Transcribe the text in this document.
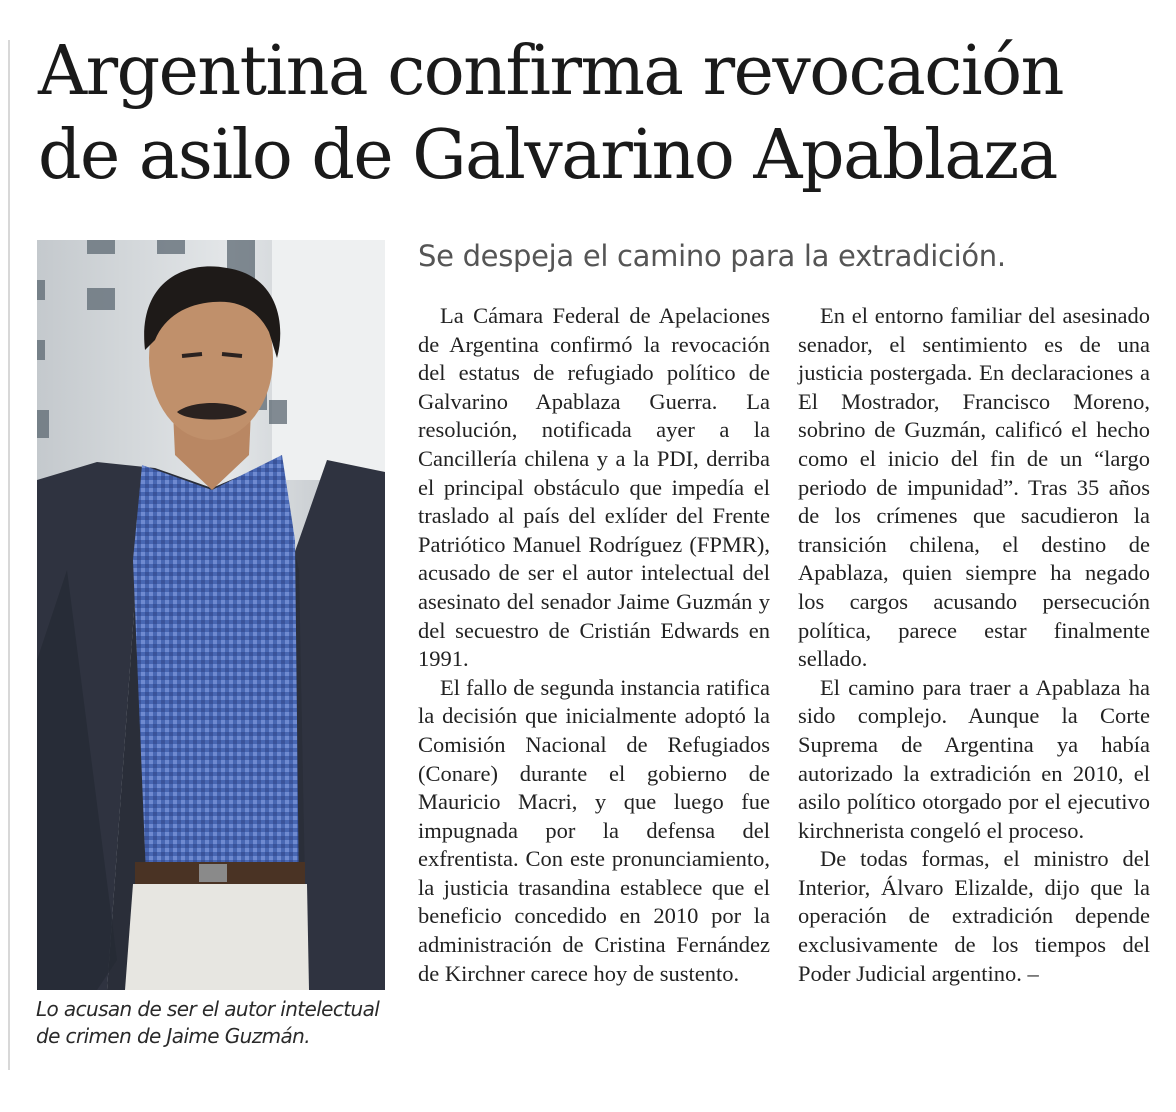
Argentina confirma revocación
de asilo de Galvarino Apablaza
Lo acusan de ser el autor intelectual de crimen de Jaime Guzmán.
Se despeja el camino para la extradición.

La Cámara Federal de Apelaciones de Argentina confirmó la revocación del estatus de refugiado político de Galvarino Apablaza Guerra. La resolución, notificada ayer a la Cancillería chilena y a la PDI, derriba el principal obstáculo que impedía el traslado al país del exlíder del Frente Patriótico Manuel Rodríguez (FPMR), acusado de ser el autor intelectual del asesinato del senador Jaime Guzmán y del secuestro de Cristián Edwards en 1991.

El fallo de segunda instancia ratifica la decisión que inicialmente adoptó la Comisión Nacional de Refugiados (Conare) durante el gobierno de Mauricio Macri, y que luego fue impugnada por la defensa del exfrentista. Con este pronunciamiento, la justicia trasandina establece que el beneficio concedido en 2010 por la administración de Cristina Fernández de Kirchner carece hoy de sustento.

En el entorno familiar del asesinado senador, el sentimiento es de una justicia postergada. En declaraciones a El Mostrador, Francisco Moreno, sobrino de Guzmán, calificó el hecho como el inicio del fin de un “largo periodo de impunidad”. Tras 35 años de los crímenes que sacudieron la transición chilena, el destino de Apablaza, quien siempre ha negado los cargos acusando persecución política, parece estar finalmente sellado.

El camino para traer a Apablaza ha sido complejo. Aunque la Corte Suprema de Argentina ya había autorizado la extradición en 2010, el asilo político otorgado por el ejecutivo kirchnerista congeló el proceso.

De todas formas, el ministro del Interior, Álvaro Elizalde, dijo que la operación de extradición depende exclusivamente de los tiempos del Poder Judicial argentino. –
